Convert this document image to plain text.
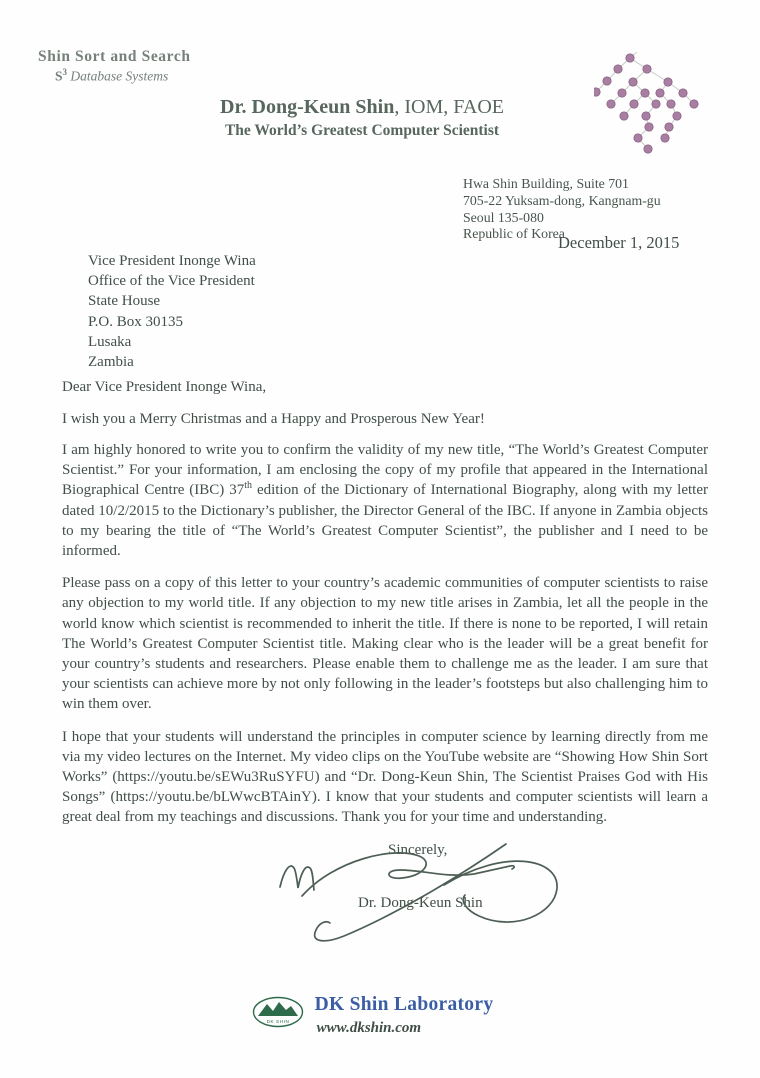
Shin Sort and Search
$S^3$ Database Systems
Dr. Dong-Keun Shin, IOM, FAOE
The World’s Greatest Computer Scientist
Hwa Shin Building, Suite 701
705-22 Yuksam-dong, Kangnam-gu
Seoul 135-080
Republic of Korea
December 1, 2015
Vice President Inonge Wina
Office of the Vice President
State House
P.O. Box 30135
Lusaka
Zambia
Dear Vice President Inonge Wina,
I wish you a Merry Christmas and a Happy and Prosperous New Year!

I am highly honored to write you to confirm the validity of my new title, “The World’s Greatest Computer Scientist.” For your information, I am enclosing the copy of my profile that appeared in the International Biographical Centre (IBC) 37th edition of the Dictionary of International Biography, along with my letter dated 10/2/2015 to the Dictionary’s publisher, the Director General of the IBC. If anyone in Zambia objects to my bearing the title of “The World’s Greatest Computer Scientist”, the publisher and I need to be informed.

Please pass on a copy of this letter to your country’s academic communities of computer scientists to raise any objection to my world title. If any objection to my new title arises in Zambia, let all the people in the world know which scientist is recommended to inherit the title. If there is none to be reported, I will retain The World’s Greatest Computer Scientist title. Making clear who is the leader will be a great benefit for your country’s students and researchers. Please enable them to challenge me as the leader. I am sure that your scientists can achieve more by not only following in the leader’s footsteps but also challenging him to win them over.

I hope that your students will understand the principles in computer science by learning directly from me via my video lectures on the Internet. My video clips on the YouTube website are “Showing How Shin Sort Works” (https://youtu.be/sEWu3RuSYFU) and “Dr. Dong-Keun Shin, The Scientist Praises God with His Songs” (https://youtu.be/bLWwcBTAinY). I know that your students and computer scientists will learn a great deal from my teachings and discussions. Thank you for your time and understanding.

Sincerely,
Dr. Dong-Keun Shin
DK SHIN
DK Shin Laboratory
www.dkshin.com
